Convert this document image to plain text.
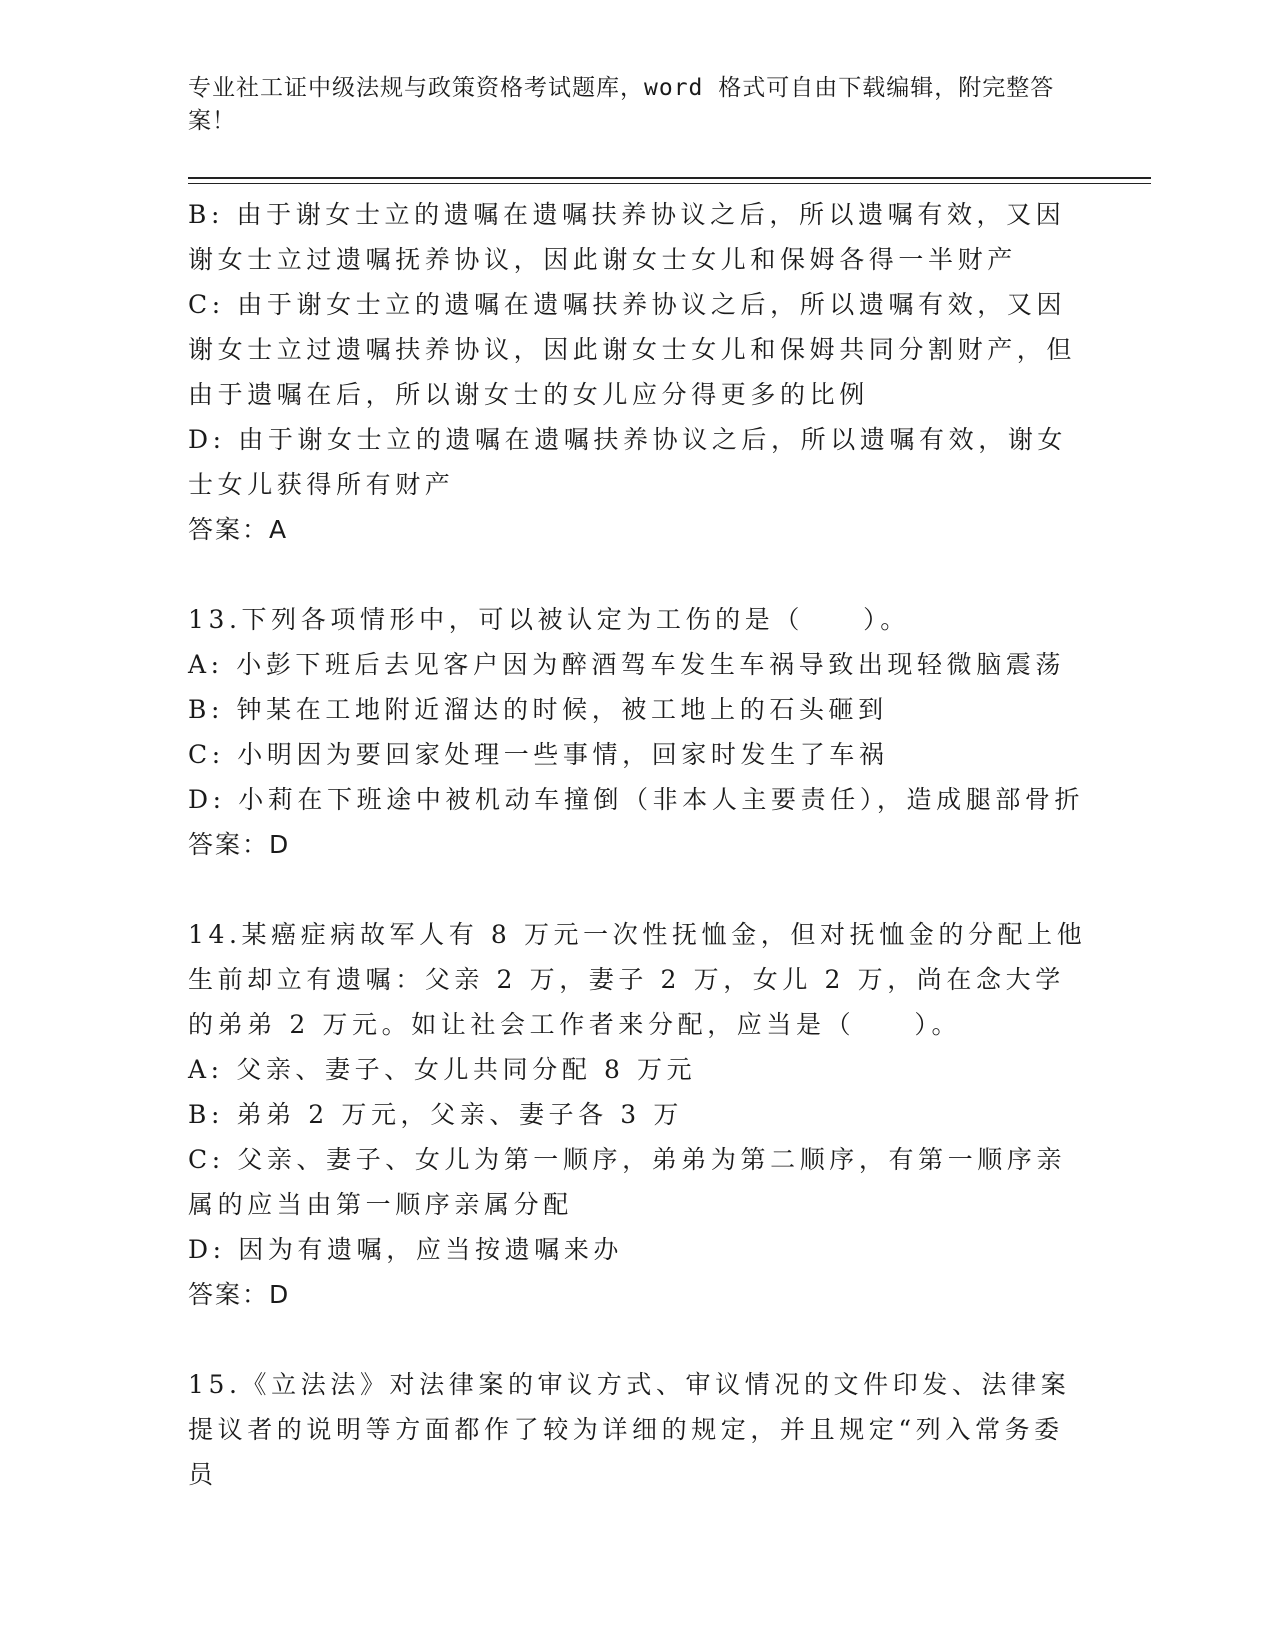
专业社工证中级法规与政策资格考试题库，word 格式可自由下载编辑，附完整答案！

B: 由于谢女士立的遗嘱在遗嘱扶养协议之后，所以遗嘱有效，又因谢女士立过遗嘱抚养协议，因此谢女士女儿和保姆各得一半财产

C: 由于谢女士立的遗嘱在遗嘱扶养协议之后，所以遗嘱有效，又因谢女士立过遗嘱扶养协议，因此谢女士女儿和保姆共同分割财产，但由于遗嘱在后，所以谢女士的女儿应分得更多的比例

D: 由于谢女士立的遗嘱在遗嘱扶养协议之后，所以遗嘱有效，谢女士女儿获得所有财产

答案：A

13.下列各项情形中，可以被认定为工伤的是（　　）。

A: 小彭下班后去见客户因为醉酒驾车发生车祸导致出现轻微脑震荡

B: 钟某在工地附近溜达的时候，被工地上的石头砸到

C: 小明因为要回家处理一些事情，回家时发生了车祸

D: 小莉在下班途中被机动车撞倒（非本人主要责任），造成腿部骨折

答案：D

14.某癌症病故军人有 8 万元一次性抚恤金，但对抚恤金的分配上他生前却立有遗嘱：父亲 2 万，妻子 2 万，女儿 2 万，尚在念大学的弟弟 2 万元。如让社会工作者来分配，应当是（　　）。

A: 父亲、妻子、女儿共同分配 8 万元

B: 弟弟 2 万元，父亲、妻子各 3 万

C: 父亲、妻子、女儿为第一顺序，弟弟为第二顺序，有第一顺序亲属的应当由第一顺序亲属分配

D: 因为有遗嘱，应当按遗嘱来办

答案：D

15.《立法法》对法律案的审议方式、审议情况的文件印发、法律案提议者的说明等方面都作了较为详细的规定，并且规定“列入常务委员
